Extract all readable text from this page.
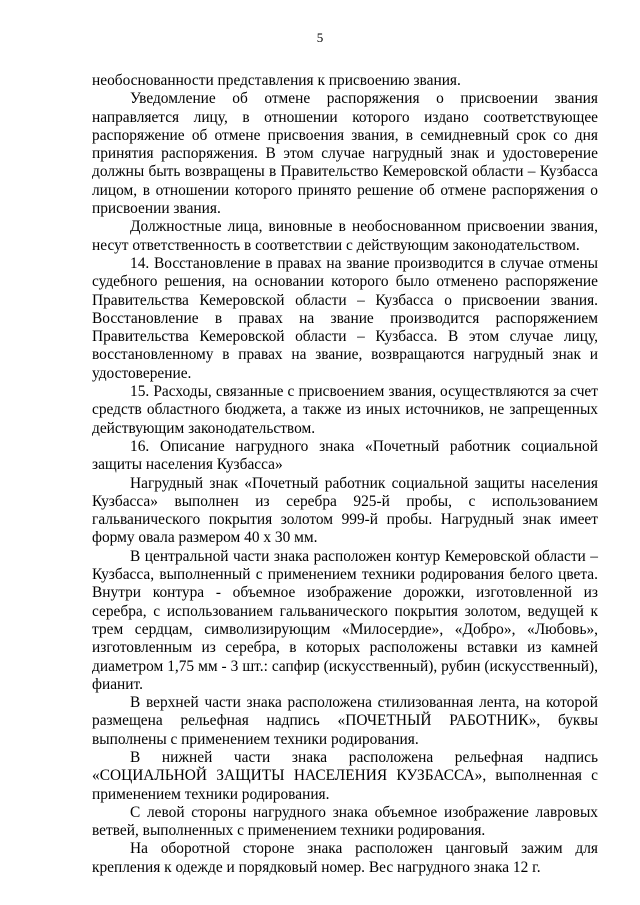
5

необоснованности представления к присвоению звания.

Уведомление об отмене распоряжения о присвоении звания направляется лицу, в отношении которого издано соответствующее распоряжение об отмене присвоения звания, в семидневный срок со дня принятия распоряжения. В этом случае нагрудный знак и удостоверение должны быть возвращены в Правительство Кемеровской области – Кузбасса лицом, в отношении которого принято решение об отмене распоряжения о присвоении звания.

Должностные лица, виновные в необоснованном присвоении звания, несут ответственность в соответствии с действующим законодательством.

14. Восстановление в правах на звание производится в случае отмены судебного решения, на основании которого было отменено распоряжение Правительства Кемеровской области – Кузбасса о присвоении звания. Восстановление в правах на звание производится распоряжением Правительства Кемеровской области – Кузбасса. В этом случае лицу, восстановленному в правах на звание, возвращаются нагрудный знак и удостоверение.

15. Расходы, связанные с присвоением звания, осуществляются за счет средств областного бюджета, а также из иных источников, не запрещенных действующим законодательством.

16. Описание нагрудного знака «Почетный работник социальной защиты населения Кузбасса»

Нагрудный знак «Почетный работник социальной защиты населения Кузбасса» выполнен из серебра 925-й пробы, с использованием гальванического покрытия золотом 999-й пробы. Нагрудный знак имеет форму овала размером 40 х 30 мм.

В центральной части знака расположен контур Кемеровской области – Кузбасса, выполненный с применением техники родирования белого цвета. Внутри контура - объемное изображение дорожки, изготовленной из серебра, с использованием гальванического покрытия золотом, ведущей к трем сердцам, символизирующим «Милосердие», «Добро», «Любовь», изготовленным из серебра, в которых расположены вставки из камней диаметром 1,75 мм - 3 шт.: сапфир (искусственный), рубин (искусственный), фианит.

В верхней части знака расположена стилизованная лента, на которой размещена рельефная надпись «ПОЧЕТНЫЙ РАБОТНИК», буквы выполнены с применением техники родирования.

В нижней части знака расположена рельефная надпись «СОЦИАЛЬНОЙ ЗАЩИТЫ НАСЕЛЕНИЯ КУЗБАССА», выполненная с применением техники родирования.

С левой стороны нагрудного знака объемное изображение лавровых ветвей, выполненных с применением техники родирования.

На оборотной стороне знака расположен цанговый зажим для крепления к одежде и порядковый номер. Вес нагрудного знака 12 г.
